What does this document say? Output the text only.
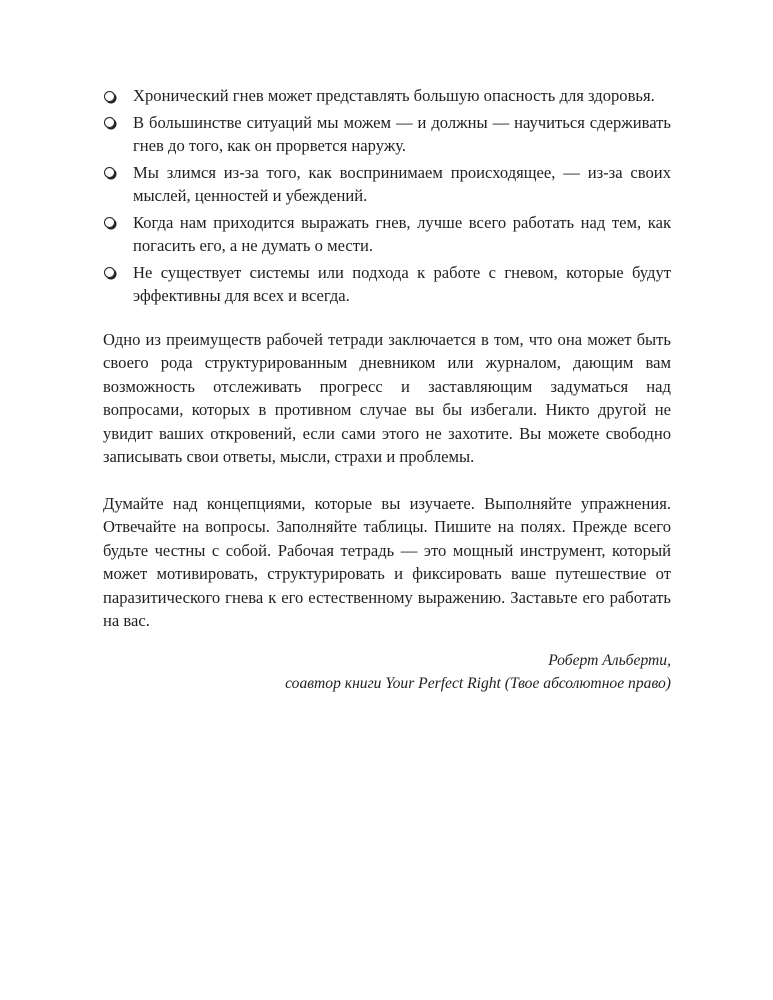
Хронический гнев может представлять большую опасность для здоровья.
В большинстве ситуаций мы можем — и должны — научиться сдерживать гнев до того, как он прорвется наружу.
Мы злимся из-за того, как воспринимаем происходящее, — из-за своих мыслей, ценностей и убеждений.
Когда нам приходится выражать гнев, лучше всего работать над тем, как погасить его, а не думать о мести.
Не существует системы или подхода к работе с гневом, которые будут эффективны для всех и всегда.

Одно из преимуществ рабочей тетради заключается в том, что она может быть своего рода структурированным дневником или журналом, дающим вам возможность отслеживать прогресс и заставляющим задуматься над вопросами, которых в противном случае вы бы избегали. Никто другой не увидит ваших откровений, если сами этого не захотите. Вы можете свободно записывать свои ответы, мысли, страхи и проблемы.

Думайте над концепциями, которые вы изучаете. Выполняйте упражнения. Отвечайте на вопросы. Заполняйте таблицы. Пишите на полях. Прежде всего будьте честны с собой. Рабочая тетрадь — это мощный инструмент, который может мотивировать, структурировать и фиксировать ваше путешествие от паразитического гнева к его естественному выражению. Заставьте его работать на вас.

Роберт Альберти,
соавтор книги Your Perfect Right (Твое абсолютное право)
